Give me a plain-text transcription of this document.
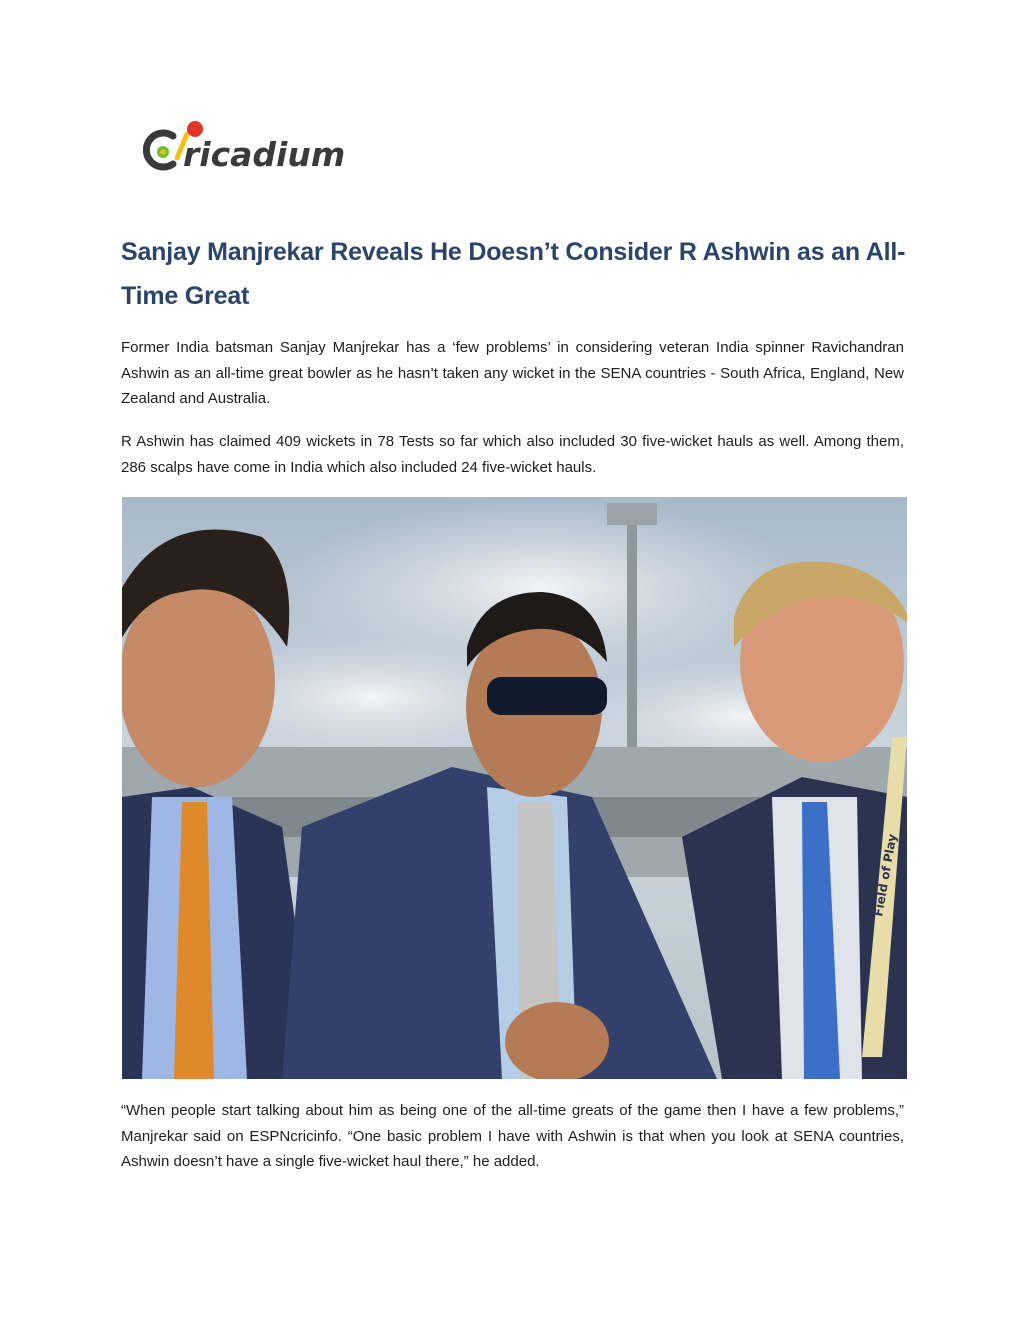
ricadium
Sanjay Manjrekar Reveals He Doesn’t Consider R Ashwin as an All-Time Great

Former India batsman Sanjay Manjrekar has a ‘few problems’ in considering veteran India spinner Ravichandran Ashwin as an all-time great bowler as he hasn’t taken any wicket in the SENA countries - South Africa, England, New Zealand and Australia.

R Ashwin has claimed 409 wickets in 78 Tests so far which also included 30 five-wicket hauls as well. Among them, 286 scalps have come in India which also included 24 five-wicket hauls.

Field of Play

“When people start talking about him as being one of the all-time greats of the game then I have a few problems,” Manjrekar said on ESPNcricinfo. “One basic problem I have with Ashwin is that when you look at SENA countries, Ashwin doesn’t have a single five-wicket haul there,” he added.
